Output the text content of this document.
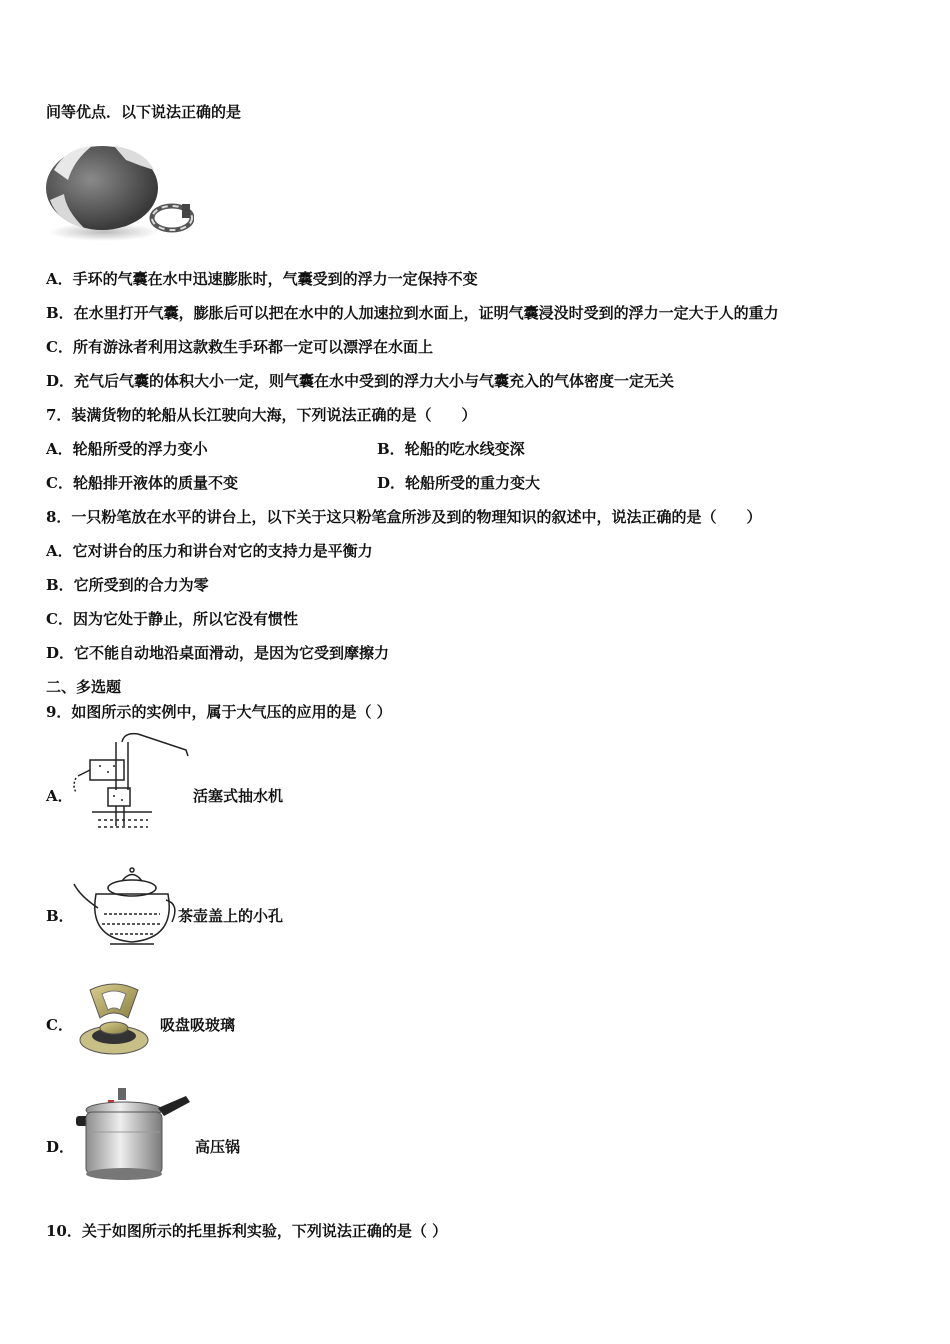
间等优点．以下说法正确的是
A．手环的气囊在水中迅速膨胀时，气囊受到的浮力一定保持不变
B．在水里打开气囊，膨胀后可以把在水中的人加速拉到水面上，证明气囊浸没时受到的浮力一定大于人的重力
C．所有游泳者利用这款救生手环都一定可以漂浮在水面上
D．充气后气囊的体积大小一定，则气囊在水中受到的浮力大小与气囊充入的气体密度一定无关
7．装满货物的轮船从长江驶向大海，下列说法正确的是（　　）
A．轮船所受的浮力变小	B．轮船的吃水线变深
C．轮船排开液体的质量不变	D．轮船所受的重力变大
8．一只粉笔放在水平的讲台上，以下关于这只粉笔盒所涉及到的物理知识的叙述中，说法正确的是（　　）
A．它对讲台的压力和讲台对它的支持力是平衡力
B．它所受到的合力为零
C．因为它处于静止，所以它没有惯性
D．它不能自动地沿桌面滑动，是因为它受到摩擦力
二、多选题
9．如图所示的实例中，属于大气压的应用的是（ ）
A．	活塞式抽水机
B．	茶壶盖上的小孔
C．	吸盘吸玻璃
D．	高压锅
10．关于如图所示的托里拆利实验，下列说法正确的是（ ）
